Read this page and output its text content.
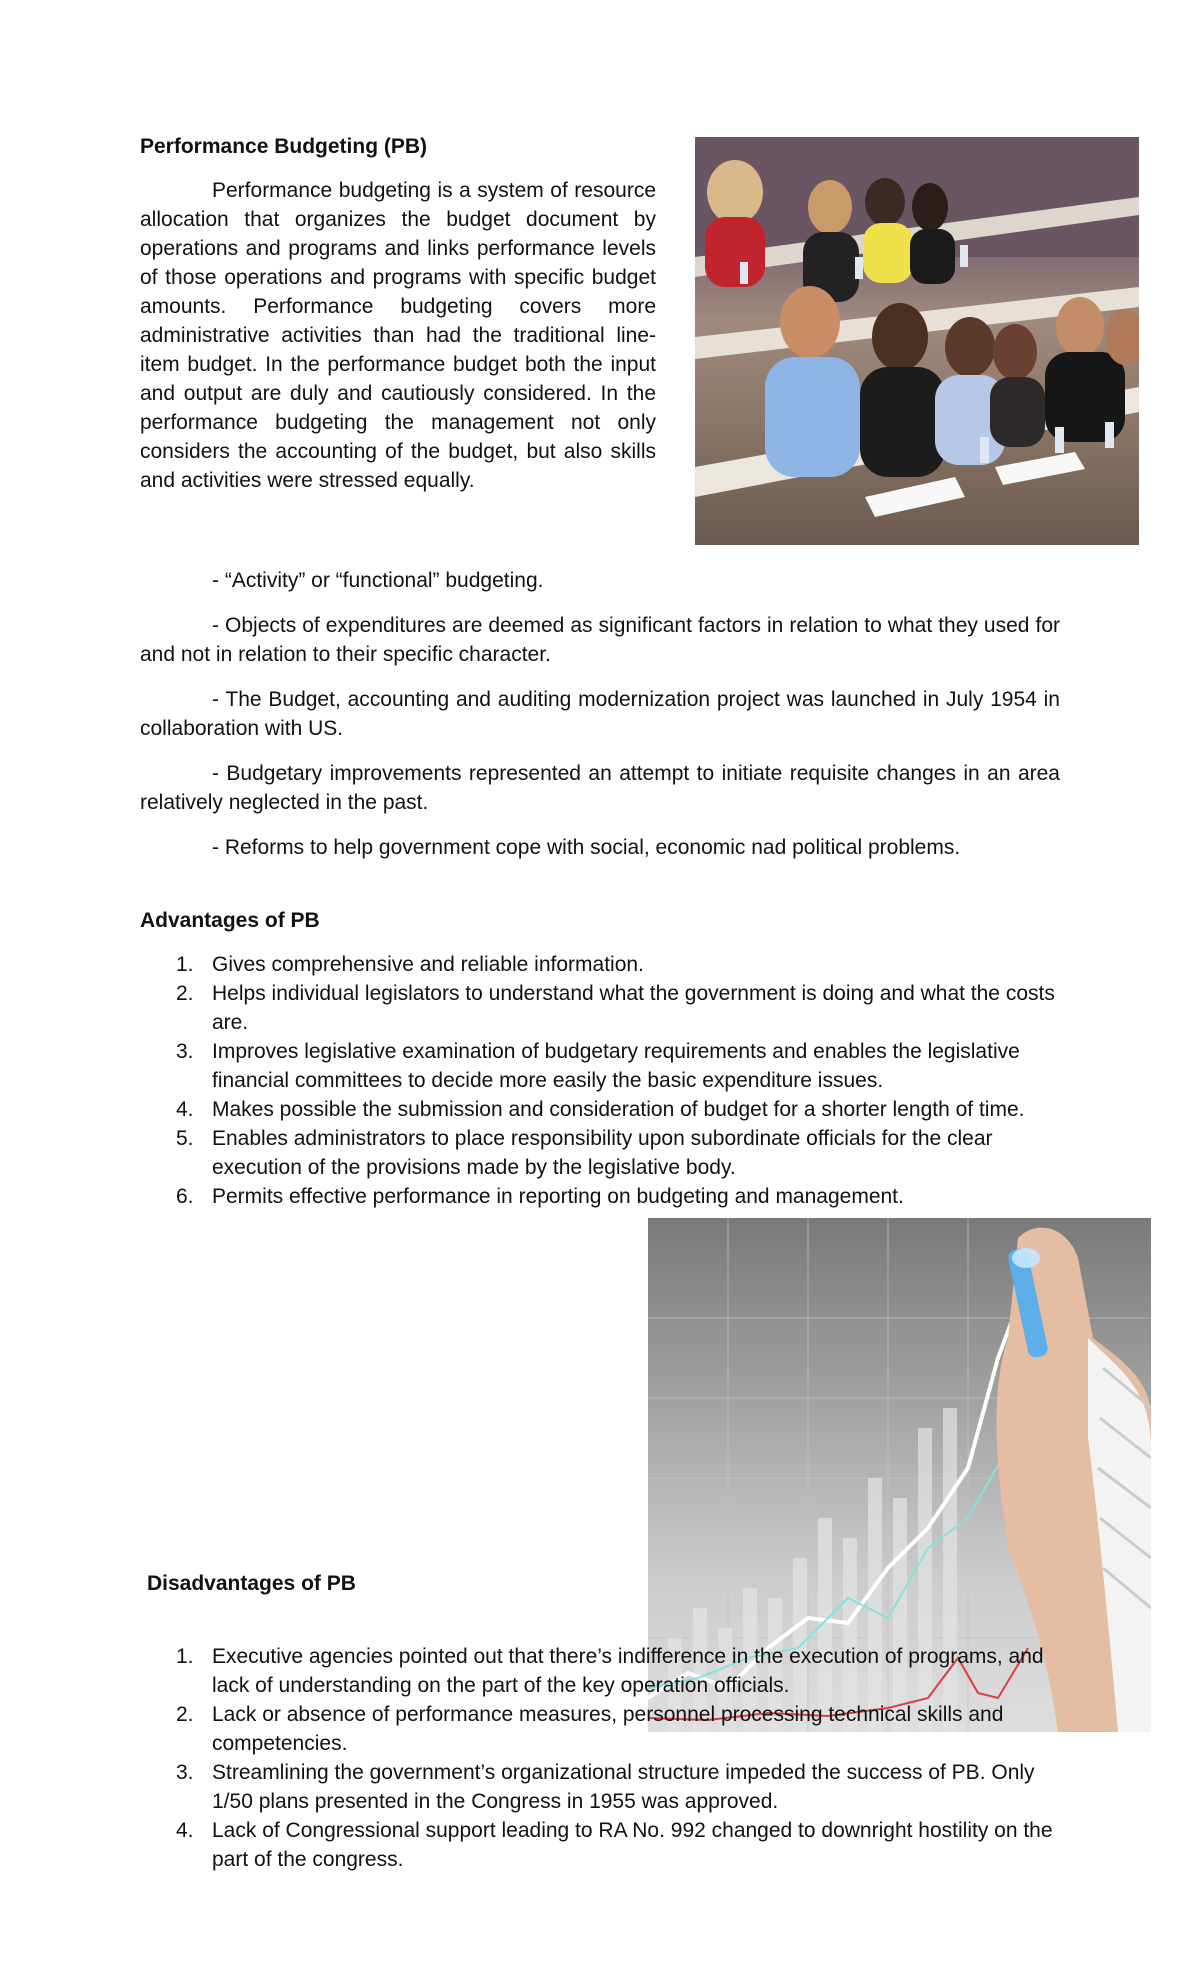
Performance Budgeting (PB)

Performance budgeting is a system of resource allocation that organizes the budget document by operations and programs and links performance levels of those operations and programs with specific budget amounts. Performance budgeting covers more administrative activities than had the traditional line-item budget. In the performance budget both the input and output are duly and cautiously considered. In the performance budgeting the management not only considers the accounting of the budget, but also skills and activities were stressed equally.

- “Activity” or “functional” budgeting.

- Objects of expenditures are deemed as significant factors in relation to what they used for and not in relation to their specific character.

- The Budget, accounting and auditing modernization project was launched in July 1954 in collaboration with US.

- Budgetary improvements represented an attempt to initiate requisite changes in an area relatively neglected in the past.

- Reforms to help government cope with social, economic nad political problems.

Advantages of PB
1. Gives comprehensive and reliable information.
2. Helps individual legislators to understand what the government is doing and what the costs are.
3. Improves legislative examination of budgetary requirements and enables the legislative financial committees to decide more easily the basic expenditure issues.
4. Makes possible the submission and consideration of budget for a shorter length of time.
5. Enables administrators to place responsibility upon subordinate officials for the clear execution of the provisions made by the legislative body.
6. Permits effective performance in reporting on budgeting and management.
Disadvantages of PB
1. Executive agencies pointed out that there’s indifference in the execution of programs, and lack of understanding on the part of the key operation officials.
2. Lack or absence of performance measures, personnel processing technical skills and competencies.
3. Streamlining the government’s organizational structure impeded the success of PB. Only 1/50 plans presented in the Congress in 1955 was approved.
4. Lack of Congressional support leading to RA No. 992 changed to downright hostility on the part of the congress.
